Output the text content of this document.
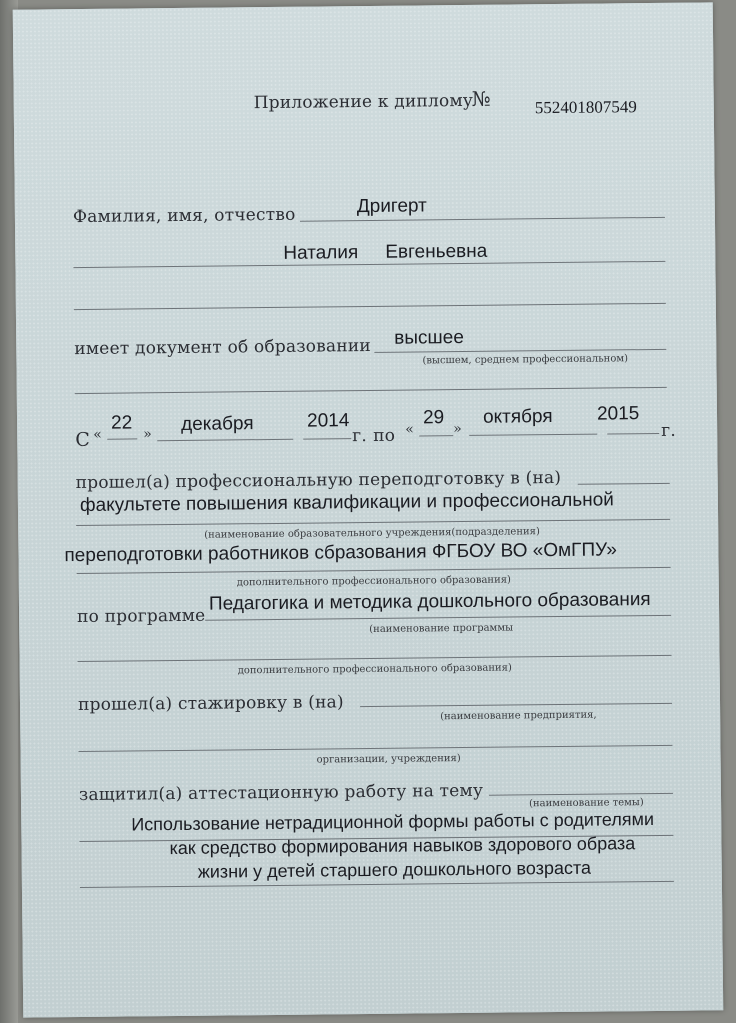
Приложение к диплому
№	552401807549
Фамилия, имя, отчество	Дригерт
Наталия Евгеньевна
имеет документ об образовании высшее
(высшем, среднем профессиональном)
С «
22
» декабря	2014
г. по «
29
»
октября 2015
г.
прошел(а) профессиональную переподготовку в (на)
факультете повышения квалификации и профессиональной
(наименование образовательного учреждения(подразделения)
переподготовки работников сбразования ФГБОУ ВО «ОмГПУ»
дополнительного профессионального образования)
по программе
Педагогика и методика дошкольного образования
(наименование программы
дополнительного профессионального образования)
прошел(а) стажировку в (на)
(наименование предприятия,
организации, учреждения)
защитил(а) аттестационную работу на тему	(наименование темы)
Использование нетрадиционной формы работы с родителями
как средство формирования навыков здорового образа
жизни у детей старшего дошкольного возраста
